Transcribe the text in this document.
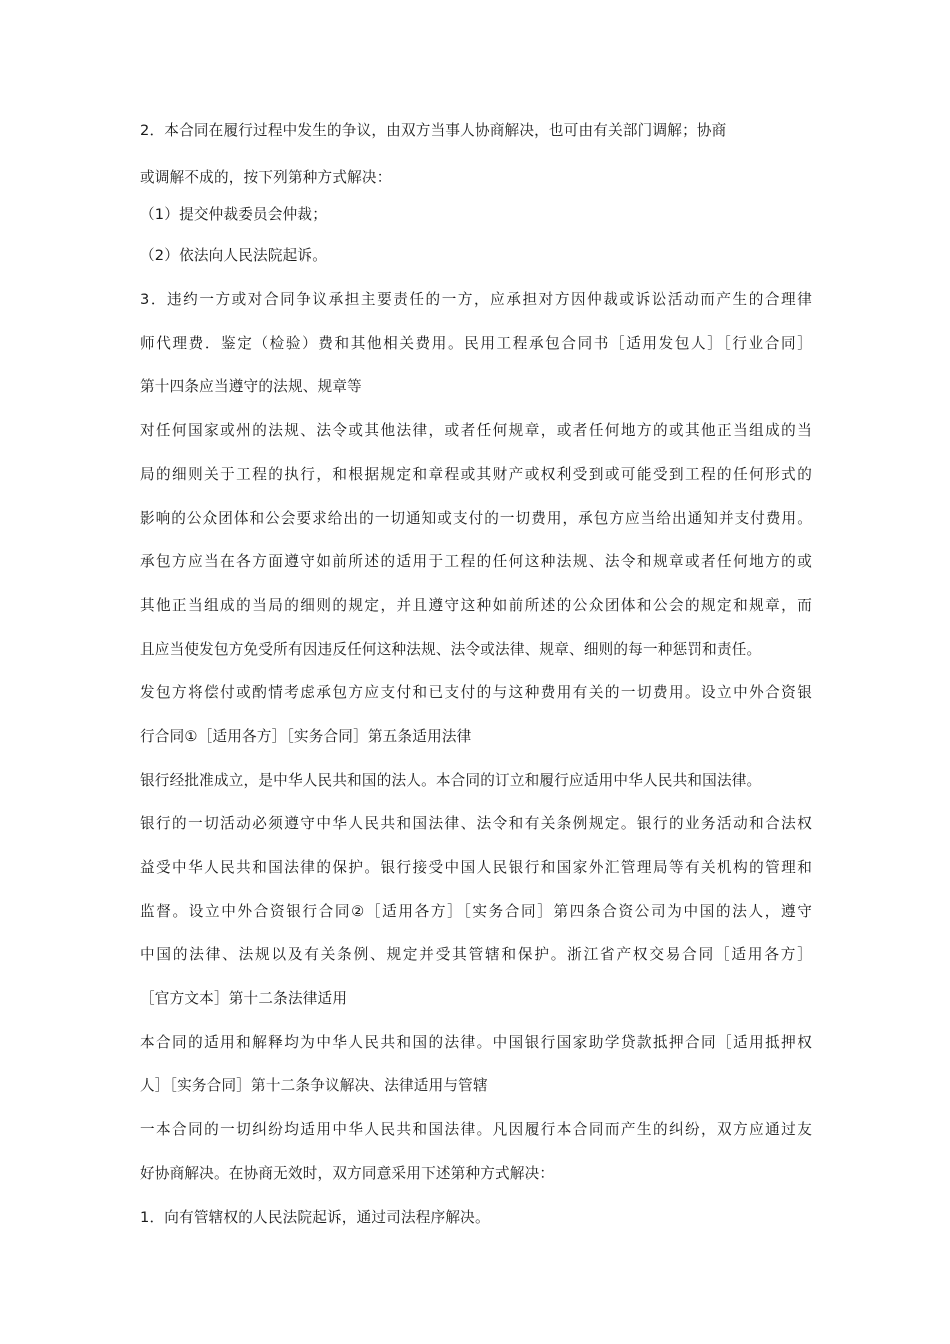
2．本合同在履行过程中发生的争议，由双方当事人协商解决，也可由有关部门调解；协商
或调解不成的，按下列第种方式解决：
（1）提交仲裁委员会仲裁；
（2）依法向人民法院起诉。
3．违约一方或对合同争议承担主要责任的一方，应承担对方因仲裁或诉讼活动而产生的合理律
师代理费．鉴定（检验）费和其他相关费用。民用工程承包合同书［适用发包人］［行业合同］
第十四条应当遵守的法规、规章等
对任何国家或州的法规、法令或其他法律，或者任何规章，或者任何地方的或其他正当组成的当
局的细则关于工程的执行，和根据规定和章程或其财产或权利受到或可能受到工程的任何形式的
影响的公众团体和公会要求给出的一切通知或支付的一切费用，承包方应当给出通知并支付费用。
承包方应当在各方面遵守如前所述的适用于工程的任何这种法规、法令和规章或者任何地方的或
其他正当组成的当局的细则的规定，并且遵守这种如前所述的公众团体和公会的规定和规章，而
且应当使发包方免受所有因违反任何这种法规、法令或法律、规章、细则的每一种惩罚和责任。
发包方将偿付或酌情考虑承包方应支付和已支付的与这种费用有关的一切费用。设立中外合资银
行合同①［适用各方］［实务合同］第五条适用法律
银行经批准成立，是中华人民共和国的法人。本合同的订立和履行应适用中华人民共和国法律。
银行的一切活动必须遵守中华人民共和国法律、法令和有关条例规定。银行的业务活动和合法权
益受中华人民共和国法律的保护。银行接受中国人民银行和国家外汇管理局等有关机构的管理和
监督。设立中外合资银行合同②［适用各方］［实务合同］第四条合资公司为中国的法人，遵守
中国的法律、法规以及有关条例、规定并受其管辖和保护。浙江省产权交易合同［适用各方］
［官方文本］第十二条法律适用
本合同的适用和解释均为中华人民共和国的法律。中国银行国家助学贷款抵押合同［适用抵押权
人］［实务合同］第十二条争议解决、法律适用与管辖
一本合同的一切纠纷均适用中华人民共和国法律。凡因履行本合同而产生的纠纷，双方应通过友
好协商解决。在协商无效时，双方同意采用下述第种方式解决：
1．向有管辖权的人民法院起诉，通过司法程序解决。
